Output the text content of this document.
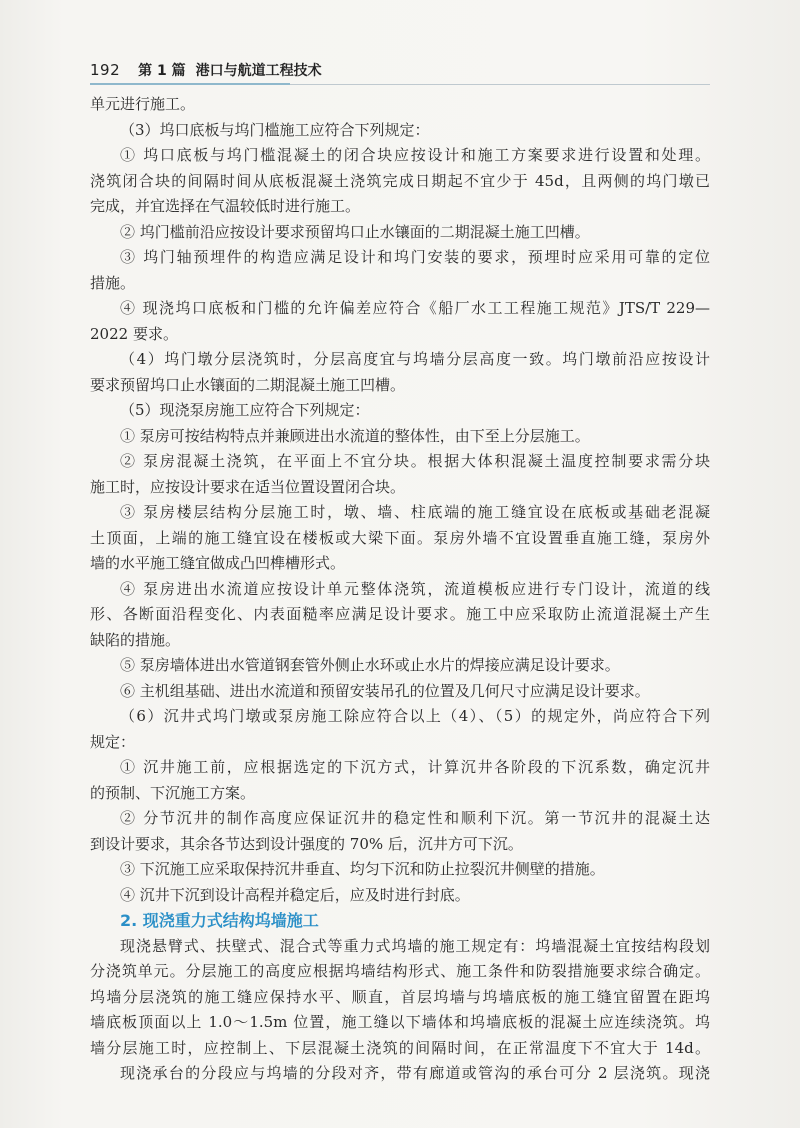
192 第 1 篇 港口与航道工程技术
单元进行施工。
（3）坞口底板与坞门槛施工应符合下列规定：
① 坞口底板与坞门槛混凝土的闭合块应按设计和施工方案要求进行设置和处理。
浇筑闭合块的间隔时间从底板混凝土浇筑完成日期起不宜少于 45d，且两侧的坞门墩已
完成，并宜选择在气温较低时进行施工。
② 坞门槛前沿应按设计要求预留坞口止水镶面的二期混凝土施工凹槽。
③ 坞门轴预埋件的构造应满足设计和坞门安装的要求，预埋时应采用可靠的定位
措施。
④ 现浇坞口底板和门槛的允许偏差应符合《船厂水工工程施工规范》JTS/T 229—
2022 要求。
（4）坞门墩分层浇筑时，分层高度宜与坞墙分层高度一致。坞门墩前沿应按设计
要求预留坞口止水镶面的二期混凝土施工凹槽。
（5）现浇泵房施工应符合下列规定：
① 泵房可按结构特点并兼顾进出水流道的整体性，由下至上分层施工。
② 泵房混凝土浇筑，在平面上不宜分块。根据大体积混凝土温度控制要求需分块
施工时，应按设计要求在适当位置设置闭合块。
③ 泵房楼层结构分层施工时，墩、墙、柱底端的施工缝宜设在底板或基础老混凝
土顶面，上端的施工缝宜设在楼板或大梁下面。泵房外墙不宜设置垂直施工缝，泵房外
墙的水平施工缝宜做成凸凹榫槽形式。
④ 泵房进出水流道应按设计单元整体浇筑，流道模板应进行专门设计，流道的线
形、各断面沿程变化、内表面糙率应满足设计要求。施工中应采取防止流道混凝土产生
缺陷的措施。
⑤ 泵房墙体进出水管道钢套管外侧止水环或止水片的焊接应满足设计要求。
⑥ 主机组基础、进出水流道和预留安装吊孔的位置及几何尺寸应满足设计要求。
（6）沉井式坞门墩或泵房施工除应符合以上（4）、（5）的规定外，尚应符合下列
规定：
① 沉井施工前，应根据选定的下沉方式，计算沉井各阶段的下沉系数，确定沉井
的预制、下沉施工方案。
② 分节沉井的制作高度应保证沉井的稳定性和顺利下沉。第一节沉井的混凝土达
到设计要求，其余各节达到设计强度的 70% 后，沉井方可下沉。
③ 下沉施工应采取保持沉井垂直、均匀下沉和防止拉裂沉井侧壁的措施。
④ 沉井下沉到设计高程并稳定后，应及时进行封底。
2. 现浇重力式结构坞墙施工
现浇悬臂式、扶壁式、混合式等重力式坞墙的施工规定有：坞墙混凝土宜按结构段划
分浇筑单元。分层施工的高度应根据坞墙结构形式、施工条件和防裂措施要求综合确定。
坞墙分层浇筑的施工缝应保持水平、顺直，首层坞墙与坞墙底板的施工缝宜留置在距坞
墙底板顶面以上 1.0～1.5m 位置，施工缝以下墙体和坞墙底板的混凝土应连续浇筑。坞
墙分层施工时，应控制上、下层混凝土浇筑的间隔时间，在正常温度下不宜大于 14d。
现浇承台的分段应与坞墙的分段对齐，带有廊道或管沟的承台可分 2 层浇筑。现浇
